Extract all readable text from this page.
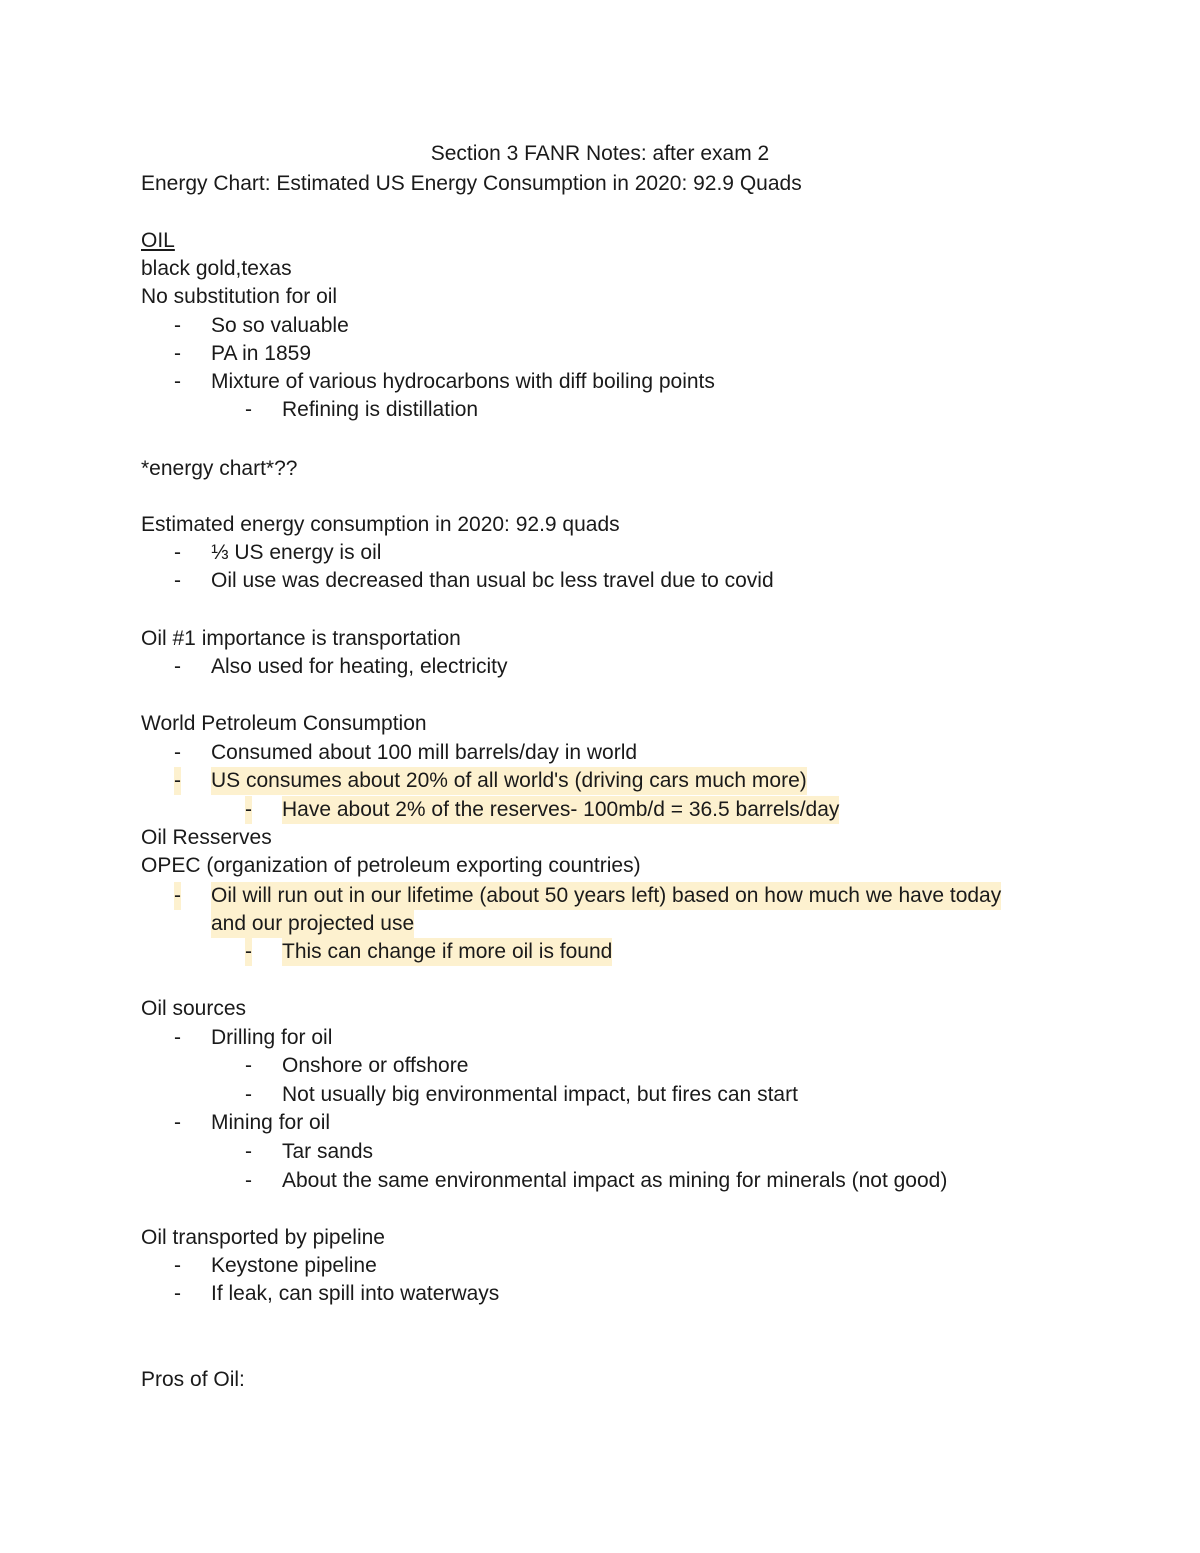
Section 3 FANR Notes: after exam 2
Energy Chart: Estimated US Energy Consumption in 2020: 92.9 Quads
OIL
black gold,texas
No substitution for oil
- So so valuable
- PA in 1859
- Mixture of various hydrocarbons with diff boiling points
- Refining is distillation
*energy chart*??
Estimated energy consumption in 2020: 92.9 quads
- ⅓ US energy is oil
- Oil use was decreased than usual bc less travel due to covid
Oil #1 importance is transportation
- Also used for heating, electricity
World Petroleum Consumption
- Consumed about 100 mill barrels/day in world
- US consumes about 20% of all world's (driving cars much more)
- Have about 2% of the reserves- 100mb/d = 36.5 barrels/day
Oil Resserves
OPEC (organization of petroleum exporting countries)
- Oil will run out in our lifetime (about 50 years left) based on how much we have today
and our projected use
- This can change if more oil is found
Oil sources
- Drilling for oil
- Onshore or offshore
- Not usually big environmental impact, but fires can start
- Mining for oil
- Tar sands
- About the same environmental impact as mining for minerals (not good)
Oil transported by pipeline
- Keystone pipeline
- If leak, can spill into waterways
Pros of Oil:
